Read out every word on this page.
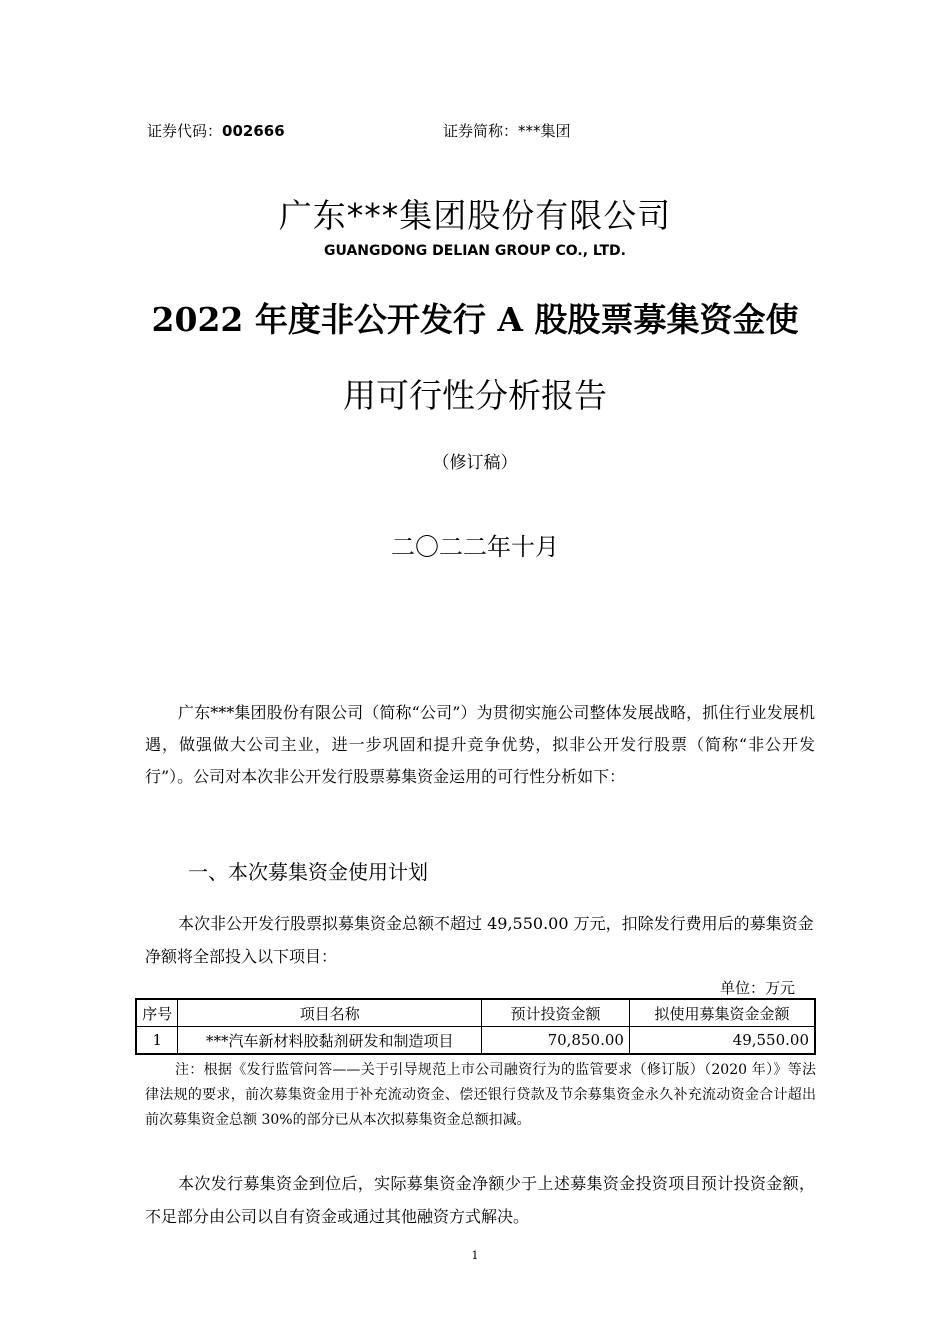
证券代码：002666	证券简称：***集团
广东***集团股份有限公司
GUANGDONG DELIAN GROUP CO., LTD.
2022 年度非公开发行 A 股股票募集资金使
用可行性分析报告
（修订稿）
二〇二二年十月
广东***集团股份有限公司（简称“公司”）为贯彻实施公司整体发展战略，抓住行业发展机遇，做强做大公司主业，进一步巩固和提升竞争优势，拟非公开发行股票（简称“非公开发行”）。公司对本次非公开发行股票募集资金运用的可行性分析如下：
一、本次募集资金使用计划
本次非公开发行股票拟募集资金总额不超过 49,550.00 万元，扣除发行费用后的募集资金净额将全部投入以下项目：
单位：万元
序号	项目名称	预计投资金额	拟使用募集资金金额
1	***汽车新材料胶黏剂研发和制造项目	70,850.00	49,550.00
注：根据《发行监管问答——关于引导规范上市公司融资行为的监管要求（修订版）（2020 年）》等法律法规的要求，前次募集资金用于补充流动资金、偿还银行贷款及节余募集资金永久补充流动资金合计超出前次募集资金总额 30%的部分已从本次拟募集资金总额扣减。
本次发行募集资金到位后，实际募集资金净额少于上述募集资金投资项目预计投资金额，不足部分由公司以自有资金或通过其他融资方式解决。
1
